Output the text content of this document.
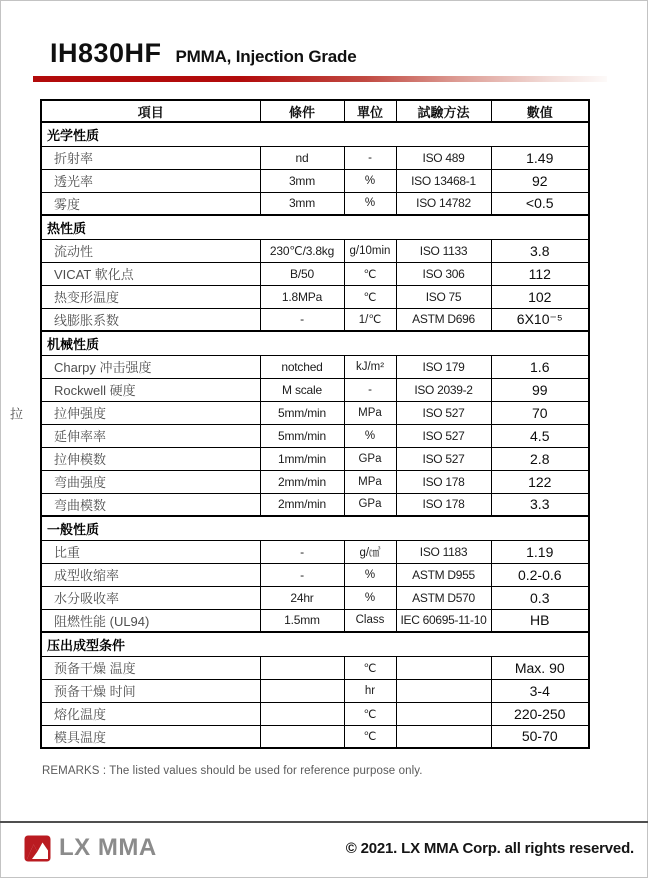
IH830HF PMMA, Injection Grade
項目	條件	單位	試驗方法	數值
光学性质				
折射率	nd	-	ISO 489	1.49
透光率	3mm	%	ISO 13468-1	92
雾度	3mm	%	ISO 14782	<0.5
热性质				
流动性	230℃/3.8kg	g/10min	ISO 1133	3.8
VICAT 軟化点	B/50	℃	ISO 306	112
热变形温度	1.8MPa	℃	ISO 75	102
线膨胀系数	-	1/℃	ASTM D696	6X10⁻⁵
机械性质				
Charpy 冲击强度	notched	kJ/m²	ISO 179	1.6
Rockwell 硬度	M scale	-	ISO 2039-2	99

拉 拉伸强度	5mm/min	MPa	ISO 527	70
延伸率率	5mm/min	%	ISO 527	4.5
拉伸模数	1mm/min	GPa	ISO 527	2.8
弯曲强度	2mm/min	MPa	ISO 178	122
弯曲模数	2mm/min	GPa	ISO 178	3.3
一般性质				
比重	-	g/㎤	ISO 1183	1.19
成型收缩率	-	%	ASTM D955	0.2-0.6
水分吸收率	24hr	%	ASTM D570	0.3
阻燃性能 (UL94)	1.5mm	Class	IEC 60695-11-10	HB
压出成型条件				
预备干燥 温度		℃		Max. 90
预备干燥 时间		hr		3-4
熔化温度		℃		220-250
模具温度		℃		50-70
REMARKS : The listed values should be used for reference purpose only.
LX MMA	© 2021. LX MMA Corp. all rights reserved.
